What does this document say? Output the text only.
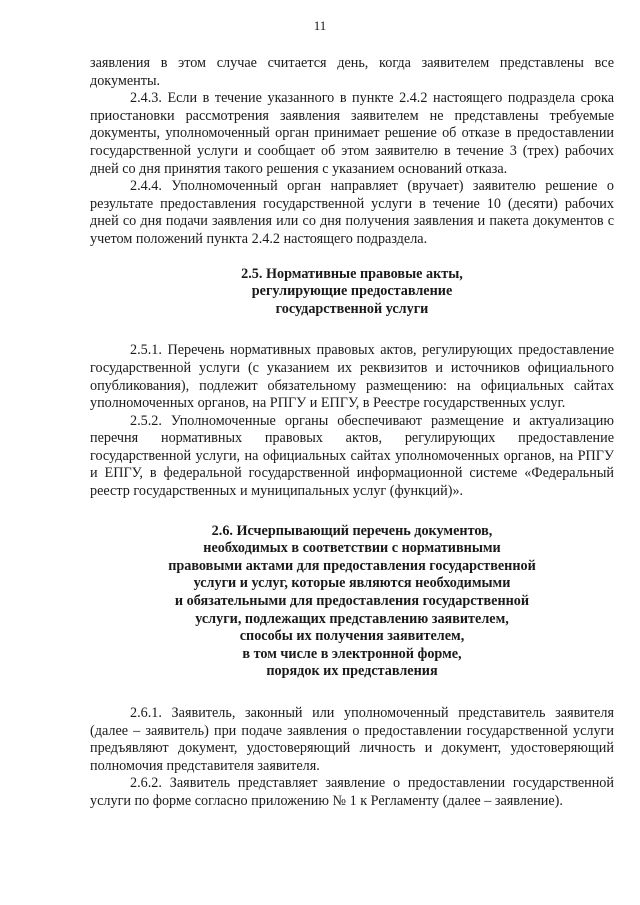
11

заявления в этом случае считается день, когда заявителем представлены все документы.

2.4.3. Если в течение указанного в пункте 2.4.2 настоящего подраздела срока приостановки рассмотрения заявления заявителем не представлены требуемые документы, уполномоченный орган принимает решение об отказе в предоставлении государственной услуги и сообщает об этом заявителю в течение 3 (трех) рабочих дней со дня принятия такого решения с указанием оснований отказа.

2.4.4. Уполномоченный орган направляет (вручает) заявителю решение о результате предоставления государственной услуги в течение 10 (десяти) рабочих дней со дня подачи заявления или со дня получения заявления и пакета документов с учетом положений пункта 2.4.2 настоящего подраздела.

2.5. Нормативные правовые акты,
регулирующие предоставление
государственной услуги

2.5.1. Перечень нормативных правовых актов, регулирующих предоставление государственной услуги (с указанием их реквизитов и источников официального опубликования), подлежит обязательному размещению: на официальных сайтах уполномоченных органов, на РПГУ и ЕПГУ, в Реестре государственных услуг.

2.5.2. Уполномоченные органы обеспечивают размещение и актуализацию перечня нормативных правовых актов, регулирующих предоставление государственной услуги, на официальных сайтах уполномоченных органов, на РПГУ и ЕПГУ, в федеральной государственной информационной системе «Федеральный реестр государственных и муниципальных услуг (функций)».

2.6. Исчерпывающий перечень документов,
необходимых в соответствии с нормативными
правовыми актами для предоставления государственной
услуги и услуг, которые являются необходимыми
и обязательными для предоставления государственной
услуги, подлежащих представлению заявителем,
способы их получения заявителем,
в том числе в электронной форме,
порядок их представления

2.6.1. Заявитель, законный или уполномоченный представитель заявителя (далее – заявитель) при подаче заявления о предоставлении государственной услуги предъявляют документ, удостоверяющий личность и документ, удостоверяющий полномочия представителя заявителя.

2.6.2. Заявитель представляет заявление о предоставлении государственной услуги по форме согласно приложению № 1 к Регламенту (далее – заявление).
